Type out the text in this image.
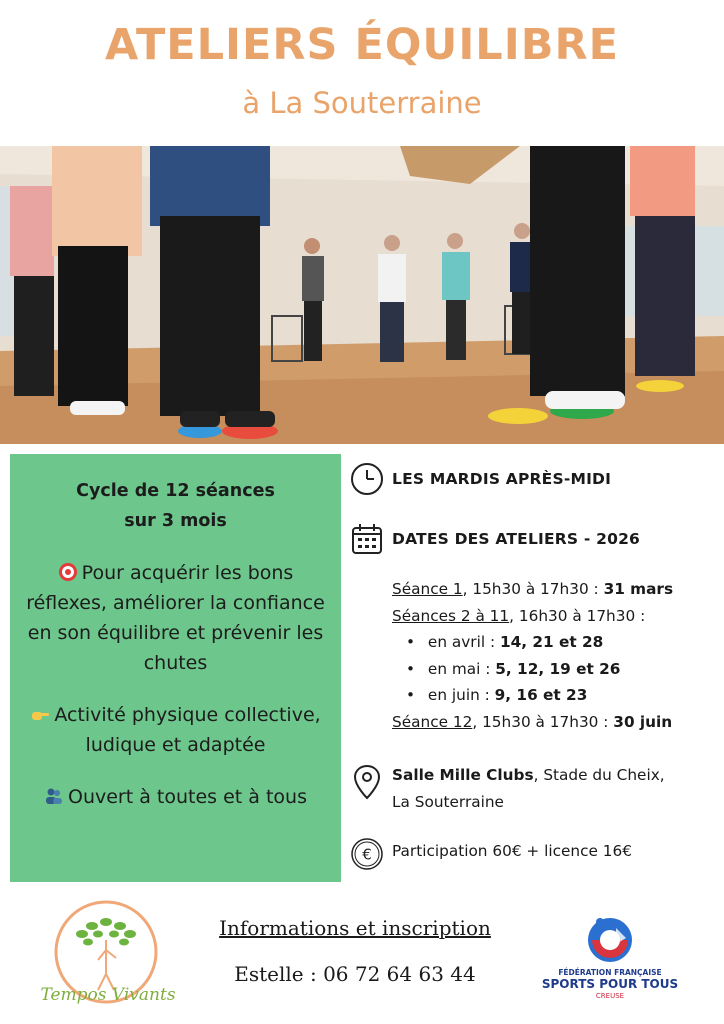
ATELIERS ÉQUILIBRE
à La Souterraine
Cycle de 12 séances
sur 3 mois
Pour acquérir les bons réflexes, améliorer la confiance en son équilibre et prévenir les chutes
Activité physique collective, ludique et adaptée
Ouvert à toutes et à tous
LES MARDIS APRÈS-MIDI
DATES DES ATELIERS - 2026
Séance 1, 15h30 à 17h30 : 31 mars
Séances 2 à 11, 16h30 à 17h30 :
• en avril : 14, 21 et 28
• en mai : 5, 12, 19 et 26
• en juin : 9, 16 et 23
Séance 12, 15h30 à 17h30 : 30 juin
Salle Mille Clubs, Stade du Cheix,
La Souterraine
€ Participation 60€ + licence 16€
Tempos Vivants
Informations et inscription
Estelle : 06 72 64 63 44	FÉDÉRATION FRANÇAISE
SPORTS POUR TOUS
CREUSE
